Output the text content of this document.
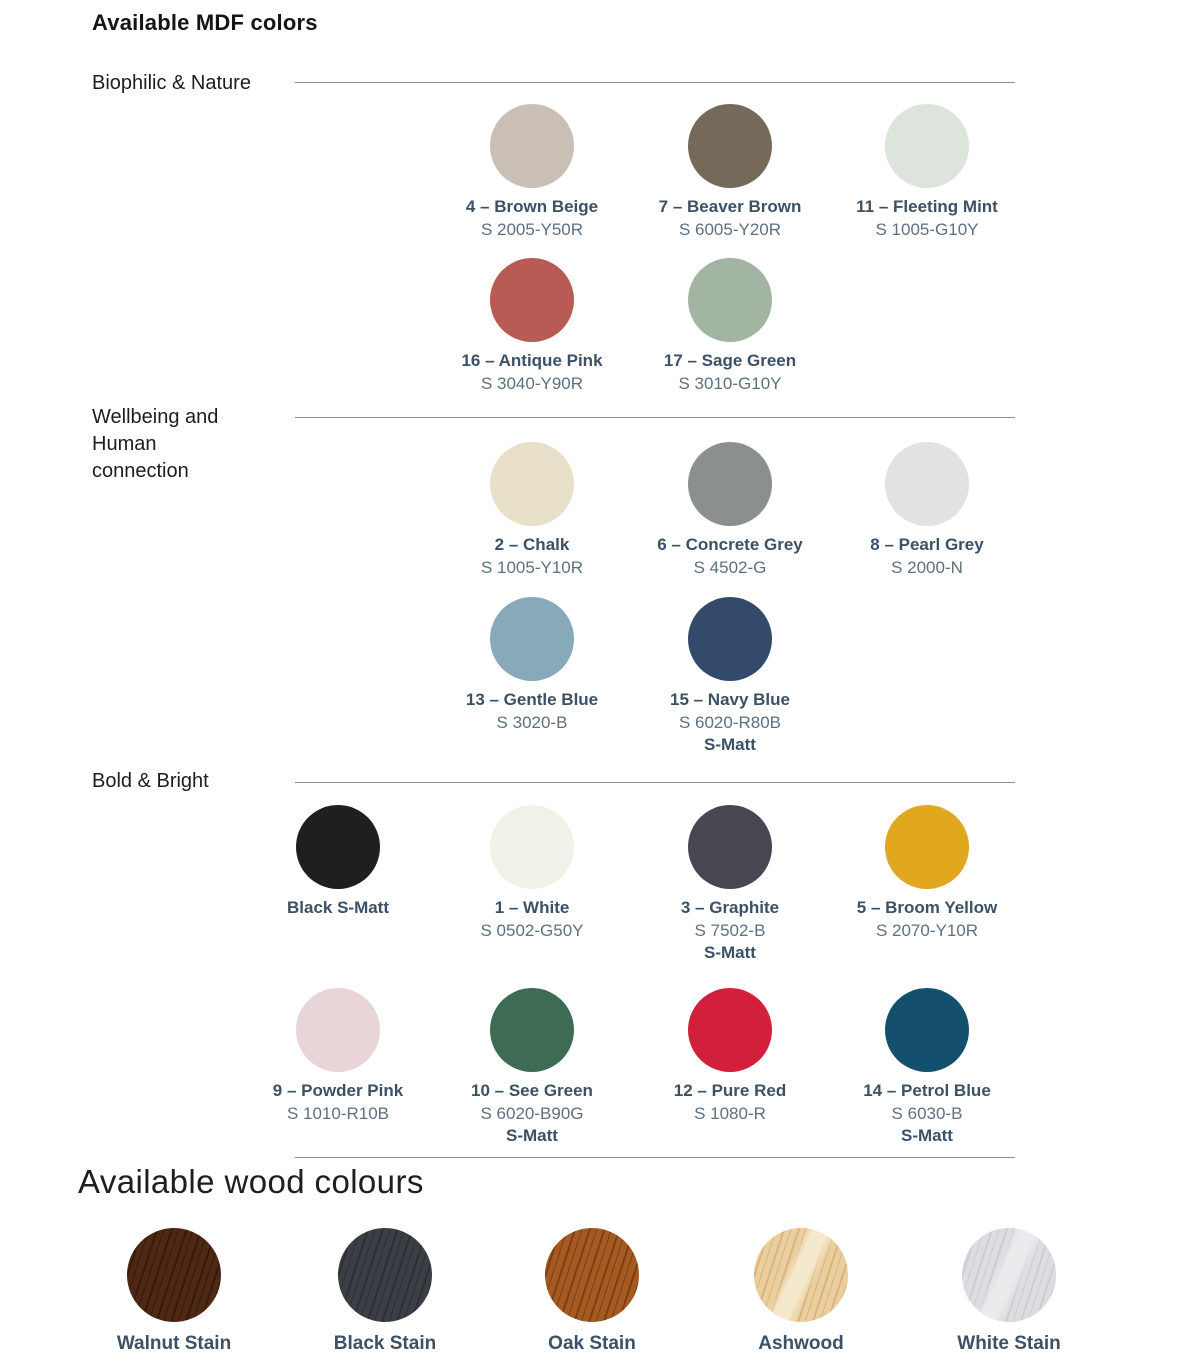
Available MDF colors
Biophilic & Nature
4 – Brown Beige
S 2005-Y50R
7 – Beaver Brown
S 6005-Y20R
11 – Fleeting Mint
S 1005-G10Y
16 – Antique Pink
S 3040-Y90R
17 – Sage Green
S 3010-G10Y
Wellbeing and Human connection
2 – Chalk
S 1005-Y10R
6 – Concrete Grey
S 4502-G
8 – Pearl Grey
S 2000-N
13 – Gentle Blue
S 3020-B
15 – Navy Blue
S 6020-R80B
S-Matt
Bold & Bright
Black S-Matt	1 – White
S 0502-G50Y
3 – Graphite
S 7502-B
S-Matt
5 – Broom Yellow
S 2070-Y10R
9 – Powder Pink
S 1010-R10B
10 – See Green
S 6020-B90G
S-Matt
12 – Pure Red
S 1080-R
14 – Petrol Blue
S 6030-B
S-Matt
Available wood colours
Walnut Stain	Black Stain	Oak Stain	Ashwood	White Stain
